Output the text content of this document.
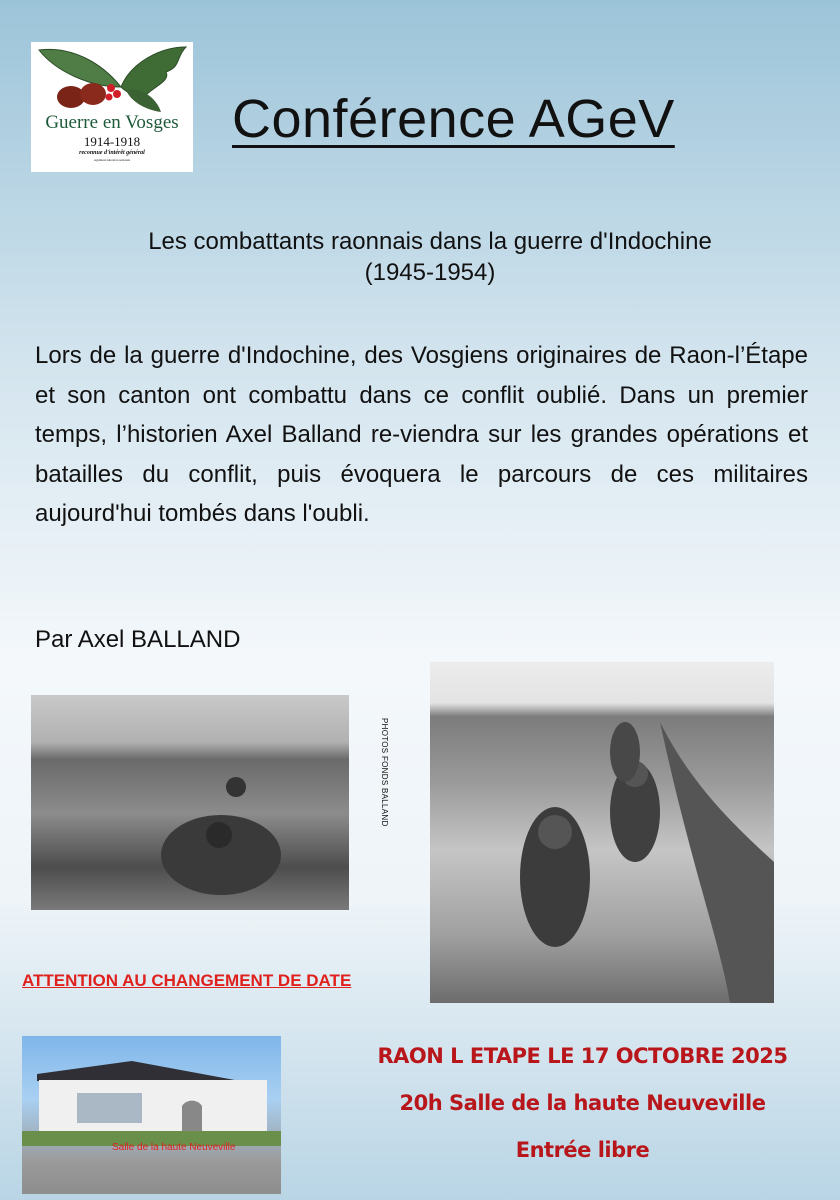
Guerre en Vosges
1914-1918
reconnue d'intérêt général
Agrément éducation nationale
Conférence AGeV
Les combattants raonnais dans la guerre d'Indochine
(1945-1954)
Lors de la guerre d'Indochine, des Vosgiens originaires de Raon-l’Étape et son canton ont combattu dans ce conflit oublié. Dans un premier temps, l’historien Axel Balland re-viendra sur les grandes opérations et batailles du conflit, puis évoquera le parcours de ces militaires aujourd'hui tombés dans l'oubli.
Par Axel BALLAND
PHOTOS FONDS BALLAND
ATTENTION AU CHANGEMENT DE DATE
Salle de la haute Neuveville
RAON L ETAPE LE 17 OCTOBRE 2025
20h Salle de la haute Neuveville
Entrée libre
